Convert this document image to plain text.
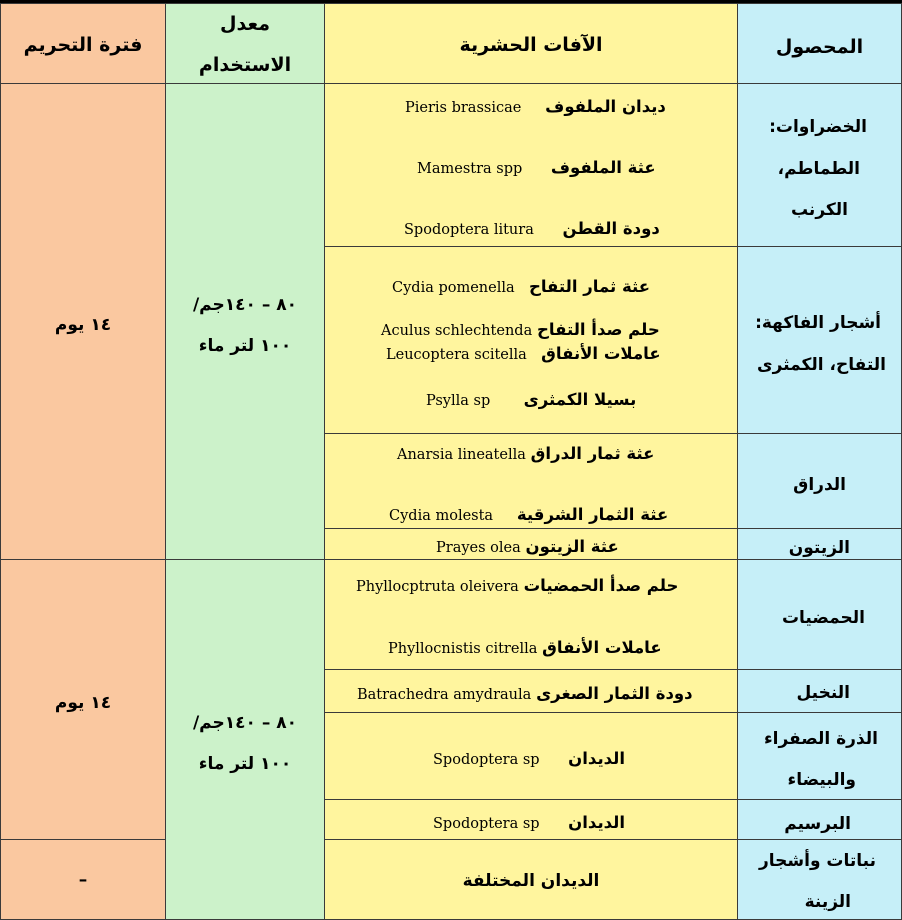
فترة التحريم
معدل
الاستخدام
الآفات الحشرية	المحصول
١٤ يوم
١٤ يوم
–
٨٠ – ١٤٠جم/
١٠٠ لتر ماء
٨٠ – ١٤٠جم/
١٠٠ لتر ماء
الخضراوات:
الطماطم،
الكرنب
أشجار الفاكهة:
التفاح، الكمثرى
الدراق
الزيتون
الحمضيات
النخيل
الذرة الصفراء
والبيضاء
البرسيم
نباتات وأشجار
الزينة
Pieris brassicae ديدان الملفوف
Mamestra spp عثة الملفوف
Spodoptera litura دودة القطن
Cydia pomenella عثة ثمار التفاح
Aculus schlechtenda حلم صدأ التفاح
Leucoptera scitella عاملات الأنفاق
Psylla sp بسيلا الكمثرى
Anarsia lineatella عثة ثمار الدراق
Cydia molesta عثة الثمار الشرقية
Prayes olea عثة الزيتون
Phyllocptruta oleivera حلم صدأ الحمضيات
Phyllocnistis citrella عاملات الأنفاق
Batrachedra amydraula دودة الثمار الصغرى
Spodoptera sp الديدان
Spodoptera sp الديدان
الديدان المختلفة
